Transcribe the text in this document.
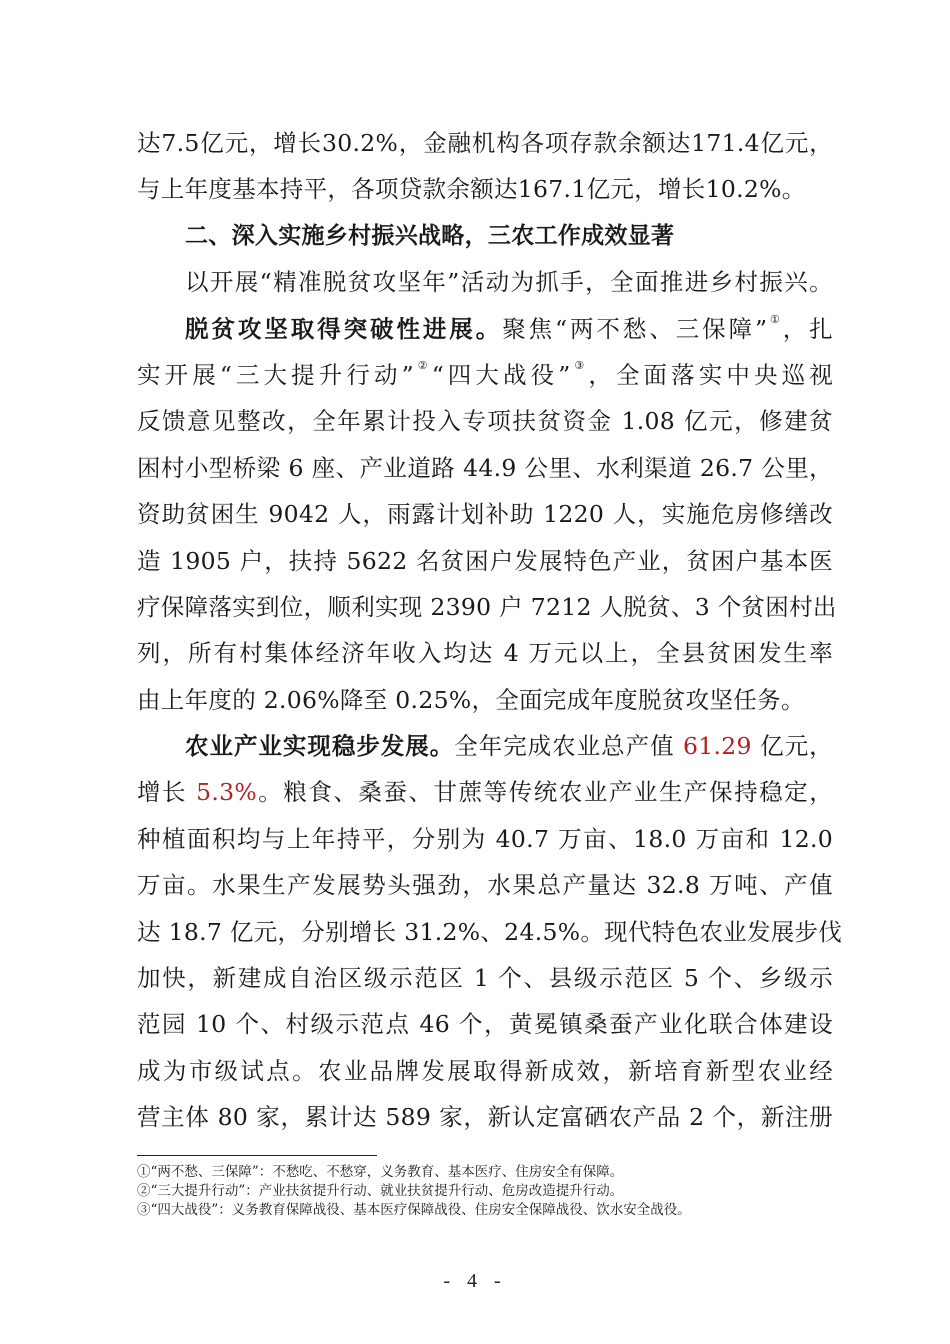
达7.5亿元，增长30.2%，金融机构各项存款余额达171.4亿元，
与上年度基本持平，各项贷款余额达167.1亿元，增长10.2%。
二、深入实施乡村振兴战略，三农工作成效显著
以开展“精准脱贫攻坚年”活动为抓手，全面推进乡村振兴。
脱贫攻坚取得突破性进展。聚焦“两不愁、三保障”①，扎
实开展“三大提升行动”②“四大战役”③，全面落实中央巡视
反馈意见整改，全年累计投入专项扶贫资金 1.08 亿元，修建贫
困村小型桥梁 6 座、产业道路 44.9 公里、水利渠道 26.7 公里，
资助贫困生 9042 人，雨露计划补助 1220 人，实施危房修缮改
造 1905 户，扶持 5622 名贫困户发展特色产业，贫困户基本医
疗保障落实到位，顺利实现 2390 户 7212 人脱贫、3 个贫困村出
列，所有村集体经济年收入均达 4 万元以上，全县贫困发生率
由上年度的 2.06%降至 0.25%，全面完成年度脱贫攻坚任务。
农业产业实现稳步发展。全年完成农业总产值 61.29 亿元，
增长 5.3%。粮食、桑蚕、甘蔗等传统农业产业生产保持稳定，
种植面积均与上年持平，分别为 40.7 万亩、18.0 万亩和 12.0
万亩。水果生产发展势头强劲，水果总产量达 32.8 万吨、产值
达 18.7 亿元，分别增长 31.2%、24.5%。现代特色农业发展步伐
加快，新建成自治区级示范区 1 个、县级示范区 5 个、乡级示
范园 10 个、村级示范点 46 个，黄冕镇桑蚕产业化联合体建设
成为市级试点。农业品牌发展取得新成效，新培育新型农业经
营主体 80 家，累计达 589 家，新认定富硒农产品 2 个，新注册
①“两不愁、三保障”：不愁吃、不愁穿，义务教育、基本医疗、住房安全有保障。
②“三大提升行动”：产业扶贫提升行动、就业扶贫提升行动、危房改造提升行动。
③“四大战役”：义务教育保障战役、基本医疗保障战役、住房安全保障战役、饮水安全战役。
- 4 -
